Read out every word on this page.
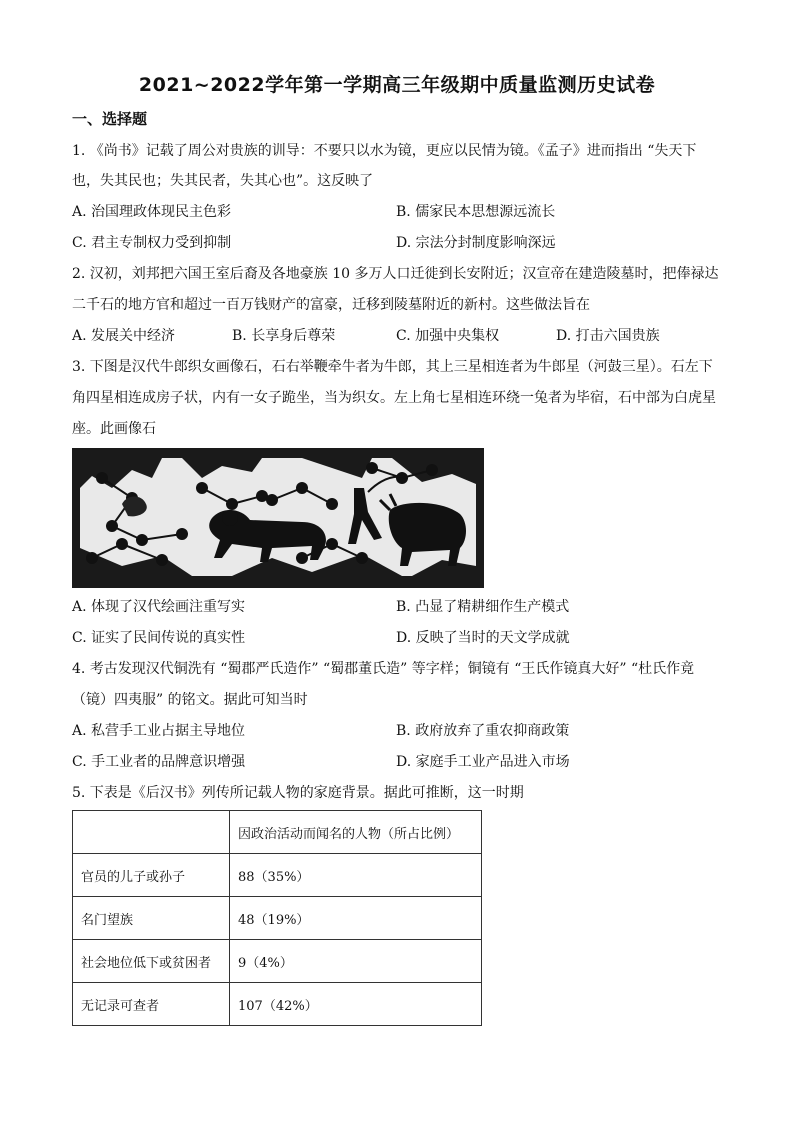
2021~2022学年第一学期高三年级期中质量监测历史试卷
一、选择题
1. 《尚书》记载了周公对贵族的训导：不要只以水为镜，更应以民情为镜。《孟子》进而指出 “失天下
也，失其民也；失其民者，失其心也”。这反映了
A. 治国理政体现民主色彩	B. 儒家民本思想源远流长
C. 君主专制权力受到抑制	D. 宗法分封制度影响深远
2. 汉初，刘邦把六国王室后裔及各地豪族 10 多万人口迁徙到长安附近；汉宣帝在建造陵墓时，把俸禄达
二千石的地方官和超过一百万钱财产的富豪，迁移到陵墓附近的新村。这些做法旨在
A. 发展关中经济	B. 长享身后尊荣	C. 加强中央集权	D. 打击六国贵族
3. 下图是汉代牛郎织女画像石，石右举鞭牵牛者为牛郎，其上三星相连者为牛郎星（河鼓三星）。石左下
角四星相连成房子状，内有一女子跪坐，当为织女。左上角七星相连环绕一兔者为毕宿，石中部为白虎星
座。此画像石
A. 体现了汉代绘画注重写实	B. 凸显了精耕细作生产模式
C. 证实了民间传说的真实性	D. 反映了当时的天文学成就
4. 考古发现汉代铜洗有 “蜀郡严氏造作” “蜀郡董氏造” 等字样；铜镜有 “王氏作镜真大好” “杜氏作竟
（镜）四夷服” 的铭文。据此可知当时
A. 私营手工业占据主导地位	B. 政府放弃了重农抑商政策
C. 手工业者的品牌意识增强	D. 家庭手工业产品进入市场
5. 下表是《后汉书》列传所记载人物的家庭背景。据此可推断，这一时期
	因政治活动而闻名的人物（所占比例）
官员的儿子或孙子	88（35%）
名门望族	48（19%）
社会地位低下或贫困者	9（4%）
无记录可查者	107（42%）
